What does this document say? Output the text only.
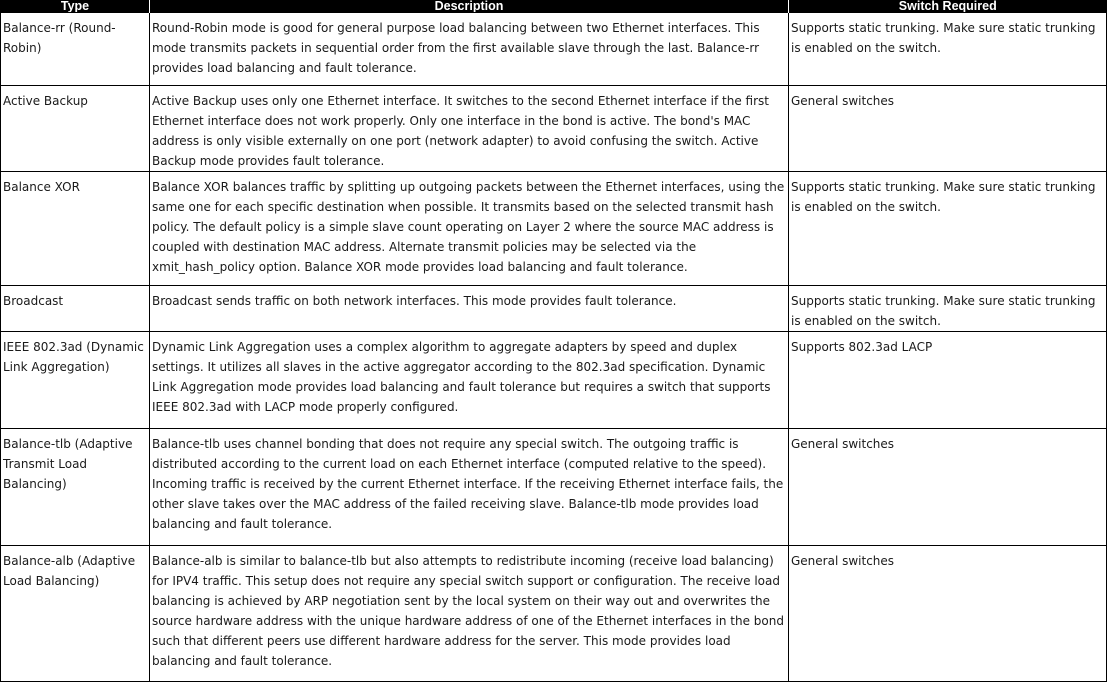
Type	Description	Switch Required
Balance-rr (Round-Robin)	Round-Robin mode is good for general purpose load balancing between two Ethernet interfaces. This mode transmits packets in sequential order from the first available slave through the last. Balance-rr provides load balancing and fault tolerance.	Supports static trunking. Make sure static trunking is enabled on the switch.
Active Backup	Active Backup uses only one Ethernet interface. It switches to the second Ethernet interface if the first Ethernet interface does not work properly. Only one interface in the bond is active. The bond's MAC address is only visible externally on one port (network adapter) to avoid confusing the switch. Active Backup mode provides fault tolerance.	General switches
Balance XOR	Balance XOR balances traffic by splitting up outgoing packets between the Ethernet interfaces, using the same one for each specific destination when possible. It transmits based on the selected transmit hash policy. The default policy is a simple slave count operating on Layer 2 where the source MAC address is coupled with destination MAC address. Alternate transmit policies may be selected via the xmit_hash_policy option. Balance XOR mode provides load balancing and fault tolerance.	Supports static trunking. Make sure static trunking is enabled on the switch.
Broadcast	Broadcast sends traffic on both network interfaces. This mode provides fault tolerance.	Supports static trunking. Make sure static trunking is enabled on the switch.
IEEE 802.3ad (Dynamic Link Aggregation)	Dynamic Link Aggregation uses a complex algorithm to aggregate adapters by speed and duplex settings. It utilizes all slaves in the active aggregator according to the 802.3ad specification. Dynamic Link Aggregation mode provides load balancing and fault tolerance but requires a switch that supports IEEE 802.3ad with LACP mode properly configured.	Supports 802.3ad LACP
Balance-tlb (Adaptive Transmit Load Balancing)	Balance-tlb uses channel bonding that does not require any special switch. The outgoing traffic is distributed according to the current load on each Ethernet interface (computed relative to the speed). Incoming traffic is received by the current Ethernet interface. If the receiving Ethernet interface fails, the other slave takes over the MAC address of the failed receiving slave. Balance-tlb mode provides load balancing and fault tolerance.	General switches
Balance-alb (Adaptive Load Balancing)	Balance-alb is similar to balance-tlb but also attempts to redistribute incoming (receive load balancing) for IPV4 traffic. This setup does not require any special switch support or configuration. The receive load balancing is achieved by ARP negotiation sent by the local system on their way out and overwrites the source hardware address with the unique hardware address of one of the Ethernet interfaces in the bond such that different peers use different hardware address for the server. This mode provides load balancing and fault tolerance.	General switches
